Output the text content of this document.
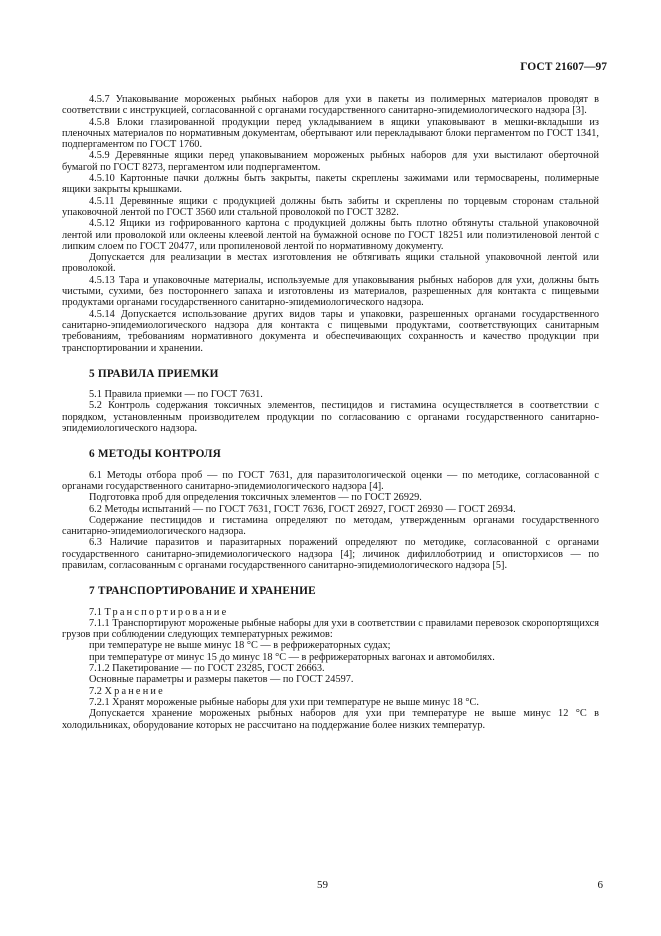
ГОСТ 21607—97

4.5.7 Упаковывание мороженых рыбных наборов для ухи в пакеты из полимерных материалов проводят в соответствии с инструкцией, согласованной с органами государственного санитарно-эпидемиологического надзора [3].

4.5.8 Блоки глазированной продукции перед укладыванием в ящики упаковывают в мешки-вкладыши из пленочных материалов по нормативным документам, обертывают или перекладывают блоки пергаментом по ГОСТ 1341, подпергаментом по ГОСТ 1760.

4.5.9 Деревянные ящики перед упаковыванием мороженых рыбных наборов для ухи выстилают оберточной бумагой по ГОСТ 8273, пергаментом или подпергаментом.

4.5.10 Картонные пачки должны быть закрыты, пакеты скреплены зажимами или термосварены, полимерные ящики закрыты крышками.

4.5.11 Деревянные ящики с продукцией должны быть забиты и скреплены по торцевым сторонам стальной упаковочной лентой по ГОСТ 3560 или стальной проволокой по ГОСТ 3282.

4.5.12 Ящики из гофрированного картона с продукцией должны быть плотно обтянуты стальной упаковочной лентой или проволокой или оклеены клеевой лентой на бумажной основе по ГОСТ 18251 или полиэтиленовой лентой с липким слоем по ГОСТ 20477, или пропиленовой лентой по нормативному документу.

Допускается для реализации в местах изготовления не обтягивать ящики стальной упаковочной лентой или проволокой.

4.5.13 Тара и упаковочные материалы, используемые для упаковывания рыбных наборов для ухи, должны быть чистыми, сухими, без постороннего запаха и изготовлены из материалов, разрешенных для контакта с пищевыми продуктами органами государственного санитарно-эпидемиологического надзора.

4.5.14 Допускается использование других видов тары и упаковки, разрешенных органами государственного санитарно-эпидемиологического надзора для контакта с пищевыми продуктами, соответствующих санитарным требованиям, требованиям нормативного документа и обеспечивающих сохранность и качество продукции при транспортировании и хранении.

5 ПРАВИЛА ПРИЕМКИ

5.1 Правила приемки — по ГОСТ 7631.

5.2 Контроль содержания токсичных элементов, пестицидов и гистамина осуществляется в соответствии с порядком, установленным производителем продукции по согласованию с органами государственного санитарно-эпидемиологического надзора.

6 МЕТОДЫ КОНТРОЛЯ

6.1 Методы отбора проб — по ГОСТ 7631, для паразитологической оценки — по методике, согласованной с органами государственного санитарно-эпидемиологического надзора [4].

Подготовка проб для определения токсичных элементов — по ГОСТ 26929.

6.2 Методы испытаний — по ГОСТ 7631, ГОСТ 7636, ГОСТ 26927, ГОСТ 26930 — ГОСТ 26934.

Содержание пестицидов и гистамина определяют по методам, утвержденным органами государственного санитарно-эпидемиологического надзора.

6.3 Наличие паразитов и паразитарных поражений определяют по методике, согласованной с органами государственного санитарно-эпидемиологического надзора [4]; личинок дифиллоботриид и описторхисов — по правилам, согласованным с органами государственного санитарно-эпидемиологического надзора [5].

7 ТРАНСПОРТИРОВАНИЕ И ХРАНЕНИЕ

7.1 Транспортирование

7.1.1 Транспортируют мороженые рыбные наборы для ухи в соответствии с правилами перевозок скоропортящихся грузов при соблюдении следующих температурных режимов:

при температуре не выше минус 18 °С — в рефрижераторных судах;

при температуре от минус 15 до минус 18 °С — в рефрижераторных вагонах и автомобилях.

7.1.2 Пакетирование — по ГОСТ 23285, ГОСТ 26663.

Основные параметры и размеры пакетов — по ГОСТ 24597.

7.2 Хранение

7.2.1 Хранят мороженые рыбные наборы для ухи при температуре не выше минус 18 °С.

Допускается хранение мороженых рыбных наборов для ухи при температуре не выше минус 12 °С в холодильниках, оборудование которых не рассчитано на поддержание более низких температур.

59	6
